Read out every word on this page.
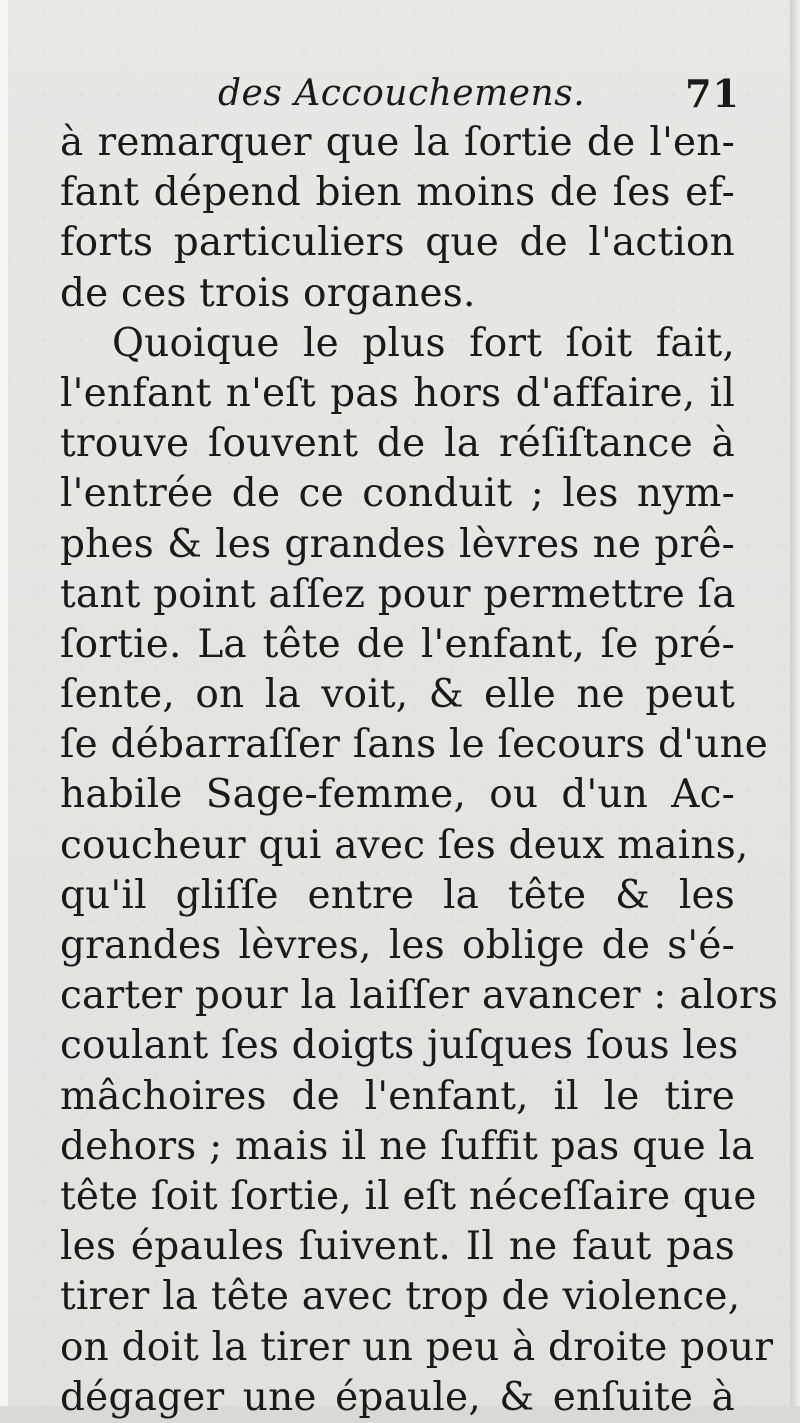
des Accouchemens.	71
à remarquer que la ſortie de l'en-
fant dépend bien moins de ſes ef-
forts particuliers que de l'action
de ces trois organes.
Quoique le plus fort ſoit fait,
l'enfant n'eſt pas hors d'affaire, il
trouve ſouvent de la réſiſtance à
l'entrée de ce conduit ; les nym-
phes & les grandes lèvres ne prê-
tant point aſſez pour permettre ſa
ſortie. La tête de l'enfant, ſe pré-
ſente, on la voit, & elle ne peut
ſe débarraſſer ſans le ſecours d'une
habile Sage-femme, ou d'un Ac-
coucheur qui avec ſes deux mains,
qu'il gliſſe entre la tête & les
grandes lèvres, les oblige de s'é-
carter pour la laiſſer avancer : alors
coulant ſes doigts juſques ſous les
mâchoires de l'enfant, il le tire
dehors ; mais il ne ſuffit pas que la
tête ſoit ſortie, il eſt néceſſaire que
les épaules ſuivent. Il ne faut pas
tirer la tête avec trop de violence,
on doit la tirer un peu à droite pour
dégager une épaule, & enſuite à
